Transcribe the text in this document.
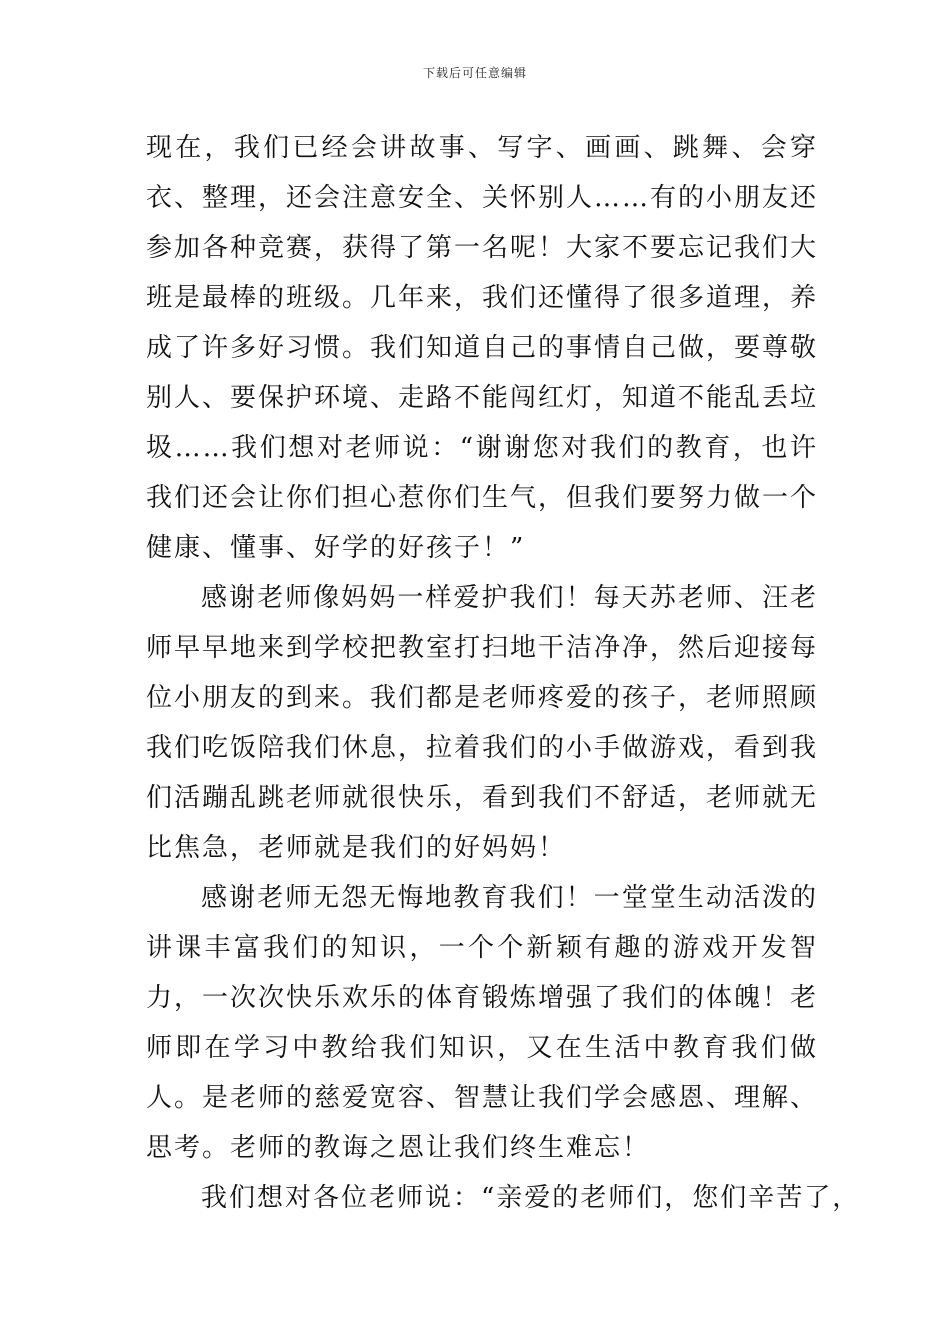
下载后可任意编辑

现在，我们已经会讲故事、写字、画画、跳舞、会穿衣、整理，还会注意安全、关怀别人……有的小朋友还参加各种竞赛，获得了第一名呢！大家不要忘记我们大班是最棒的班级。几年来，我们还懂得了很多道理，养成了许多好习惯。我们知道自己的事情自己做，要尊敬别人、要保护环境、走路不能闯红灯，知道不能乱丢垃圾……我们想对老师说：“谢谢您对我们的教育，也许我们还会让你们担心惹你们生气，但我们要努力做一个健康、懂事、好学的好孩子！”

感谢老师像妈妈一样爱护我们！每天苏老师、汪老师早早地来到学校把教室打扫地干洁净净，然后迎接每位小朋友的到来。我们都是老师疼爱的孩子，老师照顾我们吃饭陪我们休息，拉着我们的小手做游戏，看到我们活蹦乱跳老师就很快乐，看到我们不舒适，老师就无比焦急，老师就是我们的好妈妈！

感谢老师无怨无悔地教育我们！一堂堂生动活泼的讲课丰富我们的知识，一个个新颖有趣的游戏开发智力，一次次快乐欢乐的体育锻炼增强了我们的体魄！老师即在学习中教给我们知识，又在生活中教育我们做人。是老师的慈爱宽容、智慧让我们学会感恩、理解、思考。老师的教诲之恩让我们终生难忘！

我们想对各位老师说：“亲爱的老师们，您们辛苦了，
